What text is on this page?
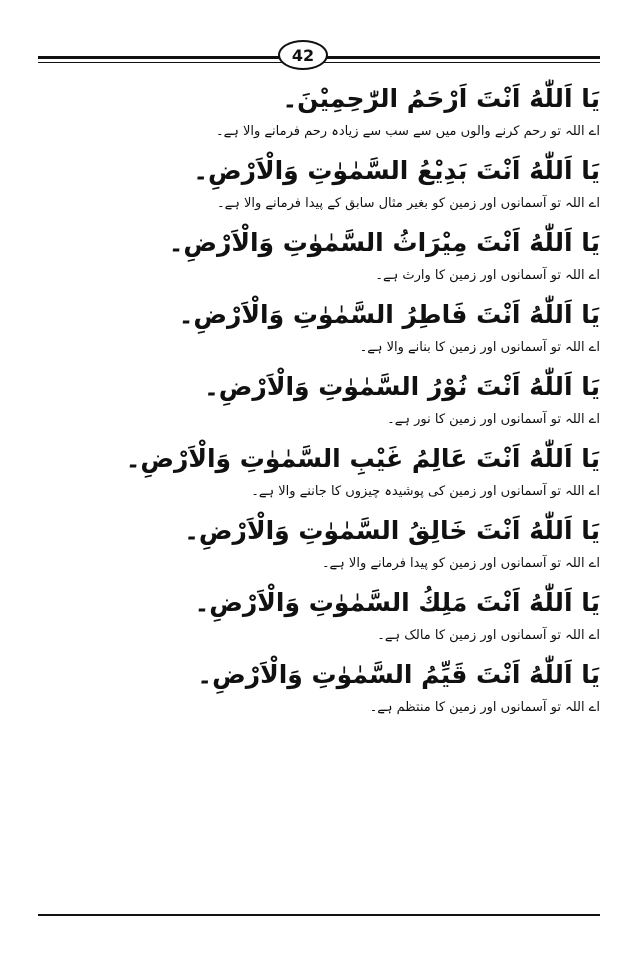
42
يَا اَللّٰهُ اَنْتَ اَرْحَمُ الرّٰحِمِيْنَ۔
اے اللہ تو رحم کرنے والوں میں سے سب سے زیادہ رحم فرمانے والا ہے۔
يَا اَللّٰهُ اَنْتَ بَدِيْعُ السَّمٰوٰتِ وَالْاَرْضِ۔
اے اللہ تو آسمانوں اور زمین کو بغیر مثال سابق کے پیدا فرمانے والا ہے۔
يَا اَللّٰهُ اَنْتَ مِيْرَاثُ السَّمٰوٰتِ وَالْاَرْضِ۔
اے اللہ تو آسمانوں اور زمین کا وارث ہے۔
يَا اَللّٰهُ اَنْتَ فَاطِرُ السَّمٰوٰتِ وَالْاَرْضِ۔
اے اللہ تو آسمانوں اور زمین کا بنانے والا ہے۔
يَا اَللّٰهُ اَنْتَ نُوْرُ السَّمٰوٰتِ وَالْاَرْضِ۔
اے اللہ تو آسمانوں اور زمین کا نور ہے۔
يَا اَللّٰهُ اَنْتَ عَالِمُ غَيْبِ السَّمٰوٰتِ وَالْاَرْضِ۔
اے اللہ تو آسمانوں اور زمین کی پوشیدہ چیزوں کا جاننے والا ہے۔
يَا اَللّٰهُ اَنْتَ خَالِقُ السَّمٰوٰتِ وَالْاَرْضِ۔
اے اللہ تو آسمانوں اور زمین کو پیدا فرمانے والا ہے۔
يَا اَللّٰهُ اَنْتَ مَلِكُ السَّمٰوٰتِ وَالْاَرْضِ۔
اے اللہ تو آسمانوں اور زمین کا مالک ہے۔
يَا اَللّٰهُ اَنْتَ قَيِّمُ السَّمٰوٰتِ وَالْاَرْضِ۔
اے اللہ تو آسمانوں اور زمین کا منتظم ہے۔
